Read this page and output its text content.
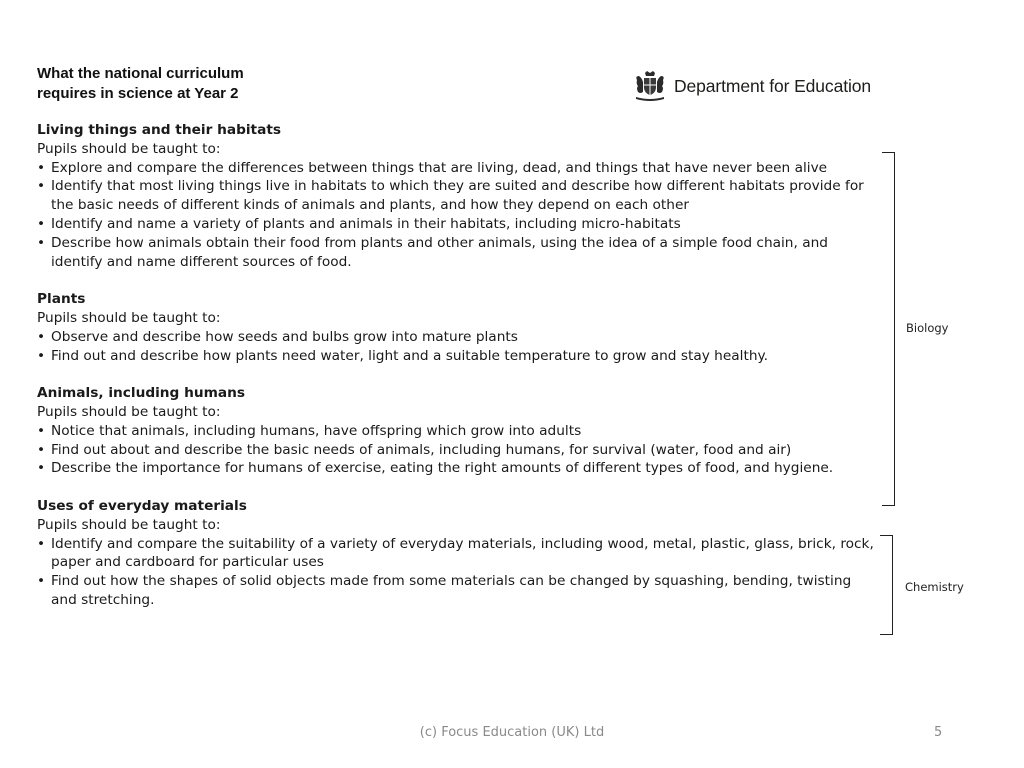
What the national curriculum
requires in science at Year 2	Department for Education
Living things and their habitats
Pupils should be taught to:
• Explore and compare the differences between things that are living, dead, and things that have never been alive
• Identify that most living things live in habitats to which they are suited and describe how different habitats provide for the basic needs of different kinds of animals and plants, and how they depend on each other
• Identify and name a variety of plants and animals in their habitats, including micro-habitats
• Describe how animals obtain their food from plants and other animals, using the idea of a simple food chain, and identify and name different sources of food.
Plants
Pupils should be taught to:
• Observe and describe how seeds and bulbs grow into mature plants
• Find out and describe how plants need water, light and a suitable temperature to grow and stay healthy.
Animals, including humans
Pupils should be taught to:
• Notice that animals, including humans, have offspring which grow into adults
• Find out about and describe the basic needs of animals, including humans, for survival (water, food and air)
• Describe the importance for humans of exercise, eating the right amounts of different types of food, and hygiene.
Uses of everyday materials
Pupils should be taught to:
• Identify and compare the suitability of a variety of everyday materials, including wood, metal, plastic, glass, brick, rock, paper and cardboard for particular uses
• Find out how the shapes of solid objects made from some materials can be changed by squashing, bending, twisting and stretching.
Biology
Chemistry
(c) Focus Education (UK) Ltd	5
